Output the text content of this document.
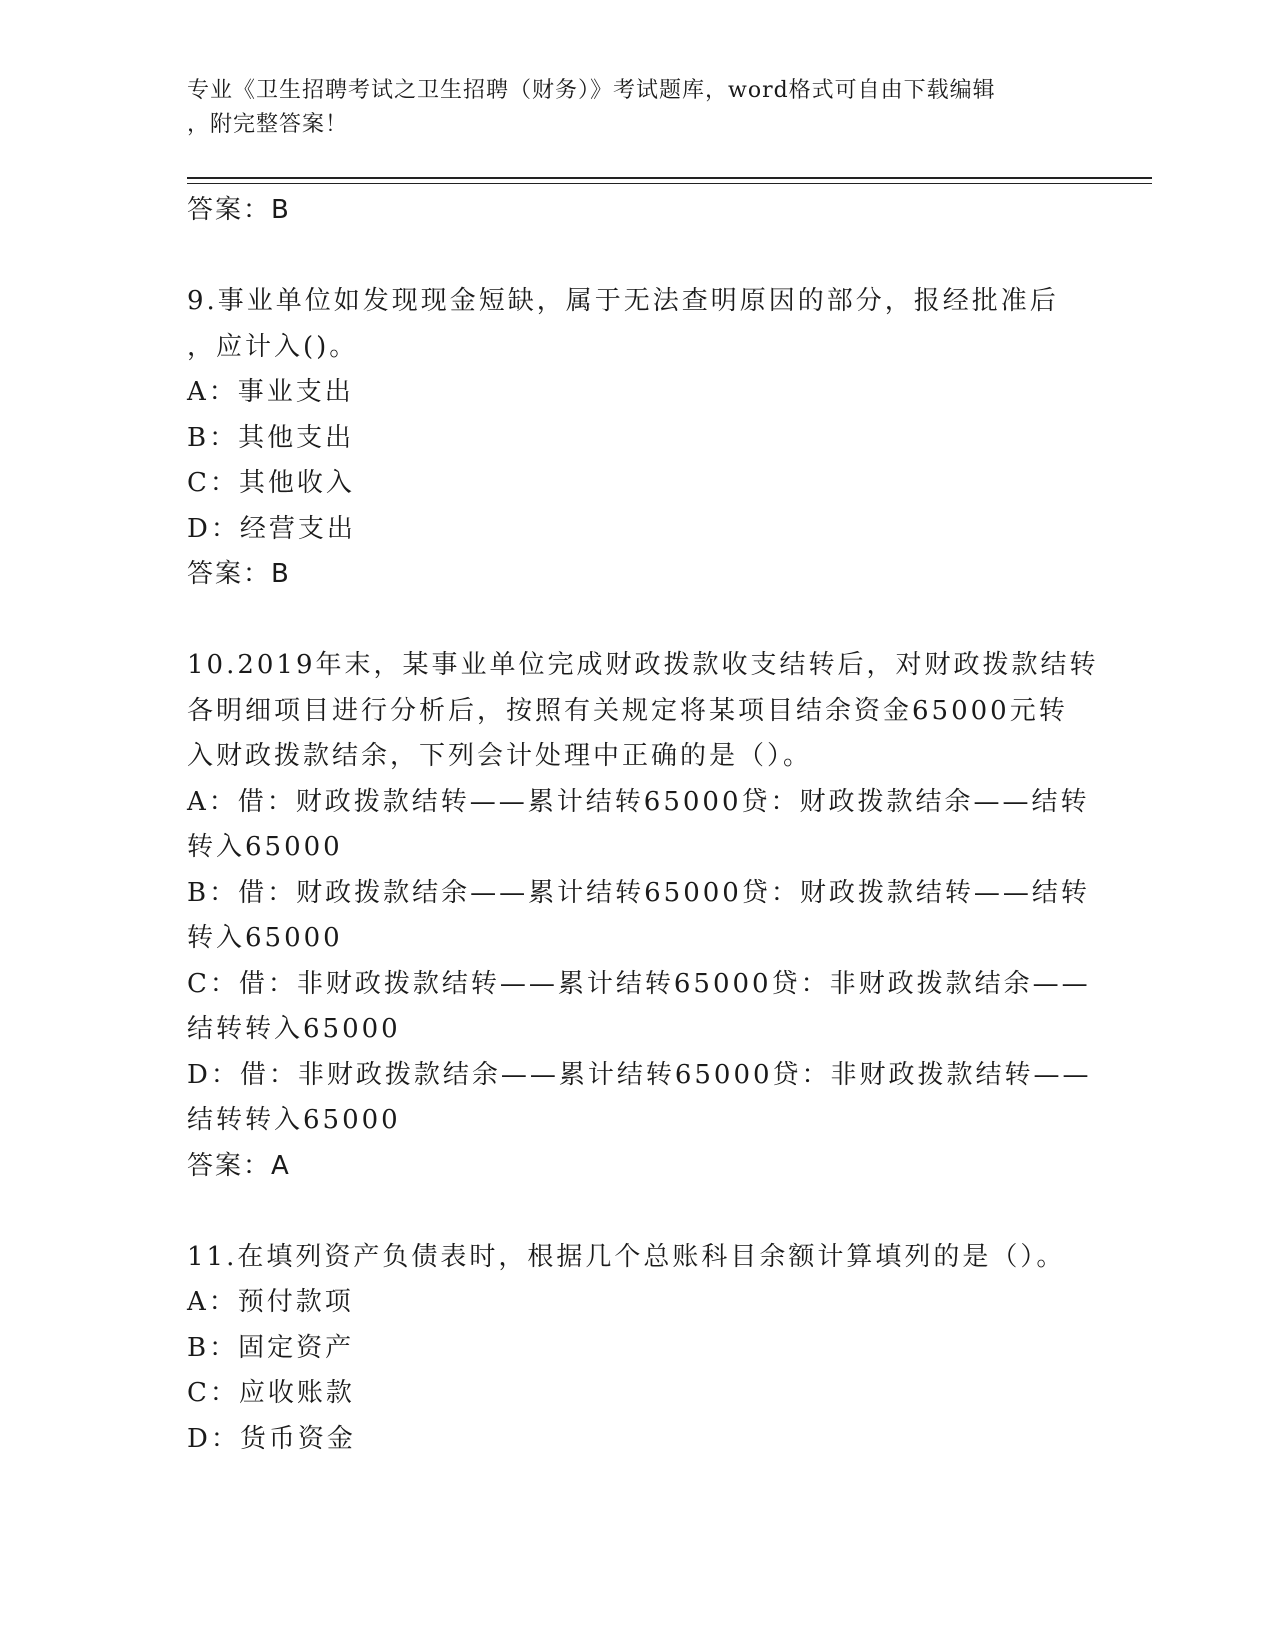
专业《卫生招聘考试之卫生招聘（财务）》考试题库，word格式可自由下载编辑
，附完整答案！
答案：B
9.事业单位如发现现金短缺，属于无法查明原因的部分，报经批准后
，应计入()。
A：事业支出
B：其他支出
C：其他收入
D：经营支出
答案：B
10.2019年末，某事业单位完成财政拨款收支结转后，对财政拨款结转
各明细项目进行分析后，按照有关规定将某项目结余资金65000元转
入财政拨款结余，下列会计处理中正确的是（）。
A：借：财政拨款结转——累计结转65000贷：财政拨款结余——结转
转入65000
B：借：财政拨款结余——累计结转65000贷：财政拨款结转——结转
转入65000
C：借：非财政拨款结转——累计结转65000贷：非财政拨款结余——
结转转入65000
D：借：非财政拨款结余——累计结转65000贷：非财政拨款结转——
结转转入65000
答案：A
11.在填列资产负债表时，根据几个总账科目余额计算填列的是（）。
A：预付款项
B：固定资产
C：应收账款
D：货币资金
